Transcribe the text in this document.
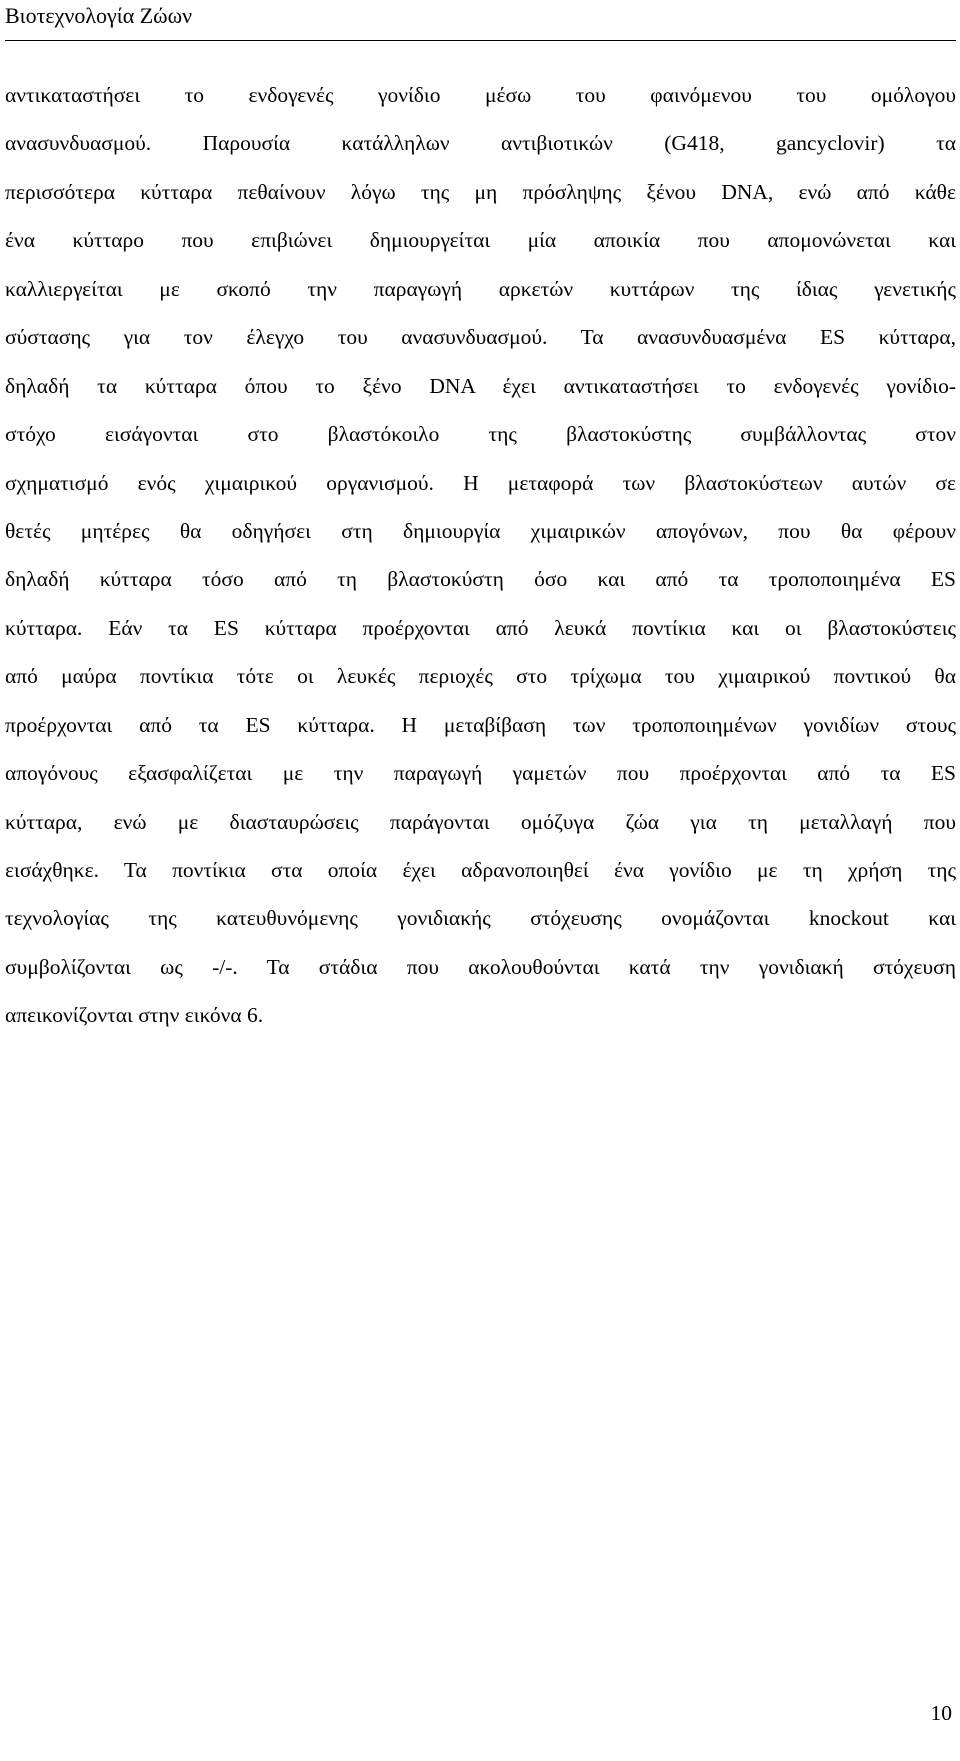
Βιοτεχνολογία Ζώων
αντικαταστήσει το ενδογενές γονίδιο μέσω του φαινόμενου του ομόλογου
ανασυνδυασμού. Παρουσία κατάλληλων αντιβιοτικών (G418, gancyclovir) τα
περισσότερα κύτταρα πεθαίνουν λόγω της μη πρόσληψης ξένου DNA, ενώ από κάθε
ένα κύτταρο που επιβιώνει δημιουργείται μία αποικία που απομονώνεται και
καλλιεργείται με σκοπό την παραγωγή αρκετών κυττάρων της ίδιας γενετικής
σύστασης για τον έλεγχο του ανασυνδυασμού. Τα ανασυνδυασμένα ES κύτταρα,
δηλαδή τα κύτταρα όπου το ξένο DNA έχει αντικαταστήσει το ενδογενές γονίδιο-
στόχο εισάγονται στο βλαστόκοιλο της βλαστοκύστης συμβάλλοντας στον
σχηματισμό ενός χιμαιρικού οργανισμού. Η μεταφορά των βλαστοκύστεων αυτών σε
θετές μητέρες θα οδηγήσει στη δημιουργία χιμαιρικών απογόνων, που θα φέρουν
δηλαδή κύτταρα τόσο από τη βλαστοκύστη όσο και από τα τροποποιημένα ES
κύτταρα. Εάν τα ES κύτταρα προέρχονται από λευκά ποντίκια και οι βλαστοκύστεις
από μαύρα ποντίκια τότε οι λευκές περιοχές στο τρίχωμα του χιμαιρικού ποντικού θα
προέρχονται από τα ES κύτταρα. Η μεταβίβαση των τροποποιημένων γονιδίων στους
απογόνους εξασφαλίζεται με την παραγωγή γαμετών που προέρχονται από τα ES
κύτταρα, ενώ με διασταυρώσεις παράγονται ομόζυγα ζώα για τη μεταλλαγή που
εισάχθηκε. Τα ποντίκια στα οποία έχει αδρανοποιηθεί ένα γονίδιο με τη χρήση της
τεχνολογίας της κατευθυνόμενης γονιδιακής στόχευσης ονομάζονται knockout και
συμβολίζονται ως -/-. Τα στάδια που ακολουθούνται κατά την γονιδιακή στόχευση
απεικονίζονται στην εικόνα 6.
10
